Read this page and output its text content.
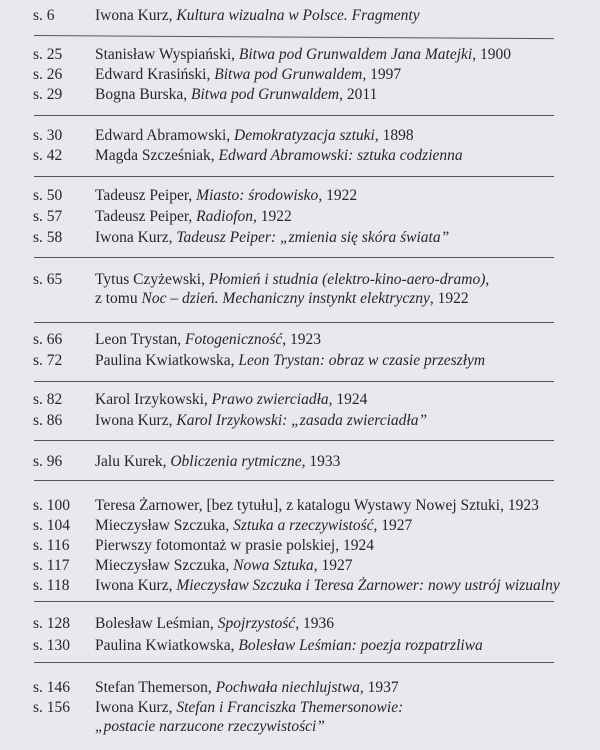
s. 6	Iwona Kurz, Kultura wizualna w Polsce. Fragmenty
s. 25 Stanisław Wyspiański, Bitwa pod Grunwaldem Jana Matejki, 1900
s. 26 Edward Krasiński, Bitwa pod Grunwaldem, 1997
s. 29 Bogna Burska, Bitwa pod Grunwaldem, 2011
s. 30 Edward Abramowski, Demokratyzacja sztuki, 1898
s. 42 Magda Szcześniak, Edward Abramowski: sztuka codzienna
s. 50 Tadeusz Peiper, Miasto: środowisko, 1922
s. 57 Tadeusz Peiper, Radiofon, 1922
s. 58 Iwona Kurz, Tadeusz Peiper: „zmienia się skóra świata”
s. 65 Tytus Czyżewski, Płomień i studnia (elektro-kino-aero-dramo),
z tomu Noc – dzień. Mechaniczny instynkt elektryczny, 1922
s. 66 Leon Trystan, Fotogeniczność, 1923
s. 72 Paulina Kwiatkowska, Leon Trystan: obraz w czasie przeszłym
s. 82 Karol Irzykowski, Prawo zwierciadła, 1924
s. 86 Iwona Kurz, Karol Irzykowski: „zasada zwierciadła”
s. 96 Jalu Kurek, Obliczenia rytmiczne, 1933
s. 100 Teresa Żarnower, [bez tytułu], z katalogu Wystawy Nowej Sztuki, 1923
s. 104 Mieczysław Szczuka, Sztuka a rzeczywistość, 1927
s. 116 Pierwszy fotomontaż w prasie polskiej, 1924
s. 117 Mieczysław Szczuka, Nowa Sztuka, 1927
s. 118 Iwona Kurz, Mieczysław Szczuka i Teresa Żarnower: nowy ustrój wizualny
s. 128 Bolesław Leśmian, Spojrzystość, 1936
s. 130 Paulina Kwiatkowska, Bolesław Leśmian: poezja rozpatrzliwa
s. 146 Stefan Themerson, Pochwała niechlujstwa, 1937
s. 156 Iwona Kurz, Stefan i Franciszka Themersonowie:
„postacie narzucone rzeczywistości”
